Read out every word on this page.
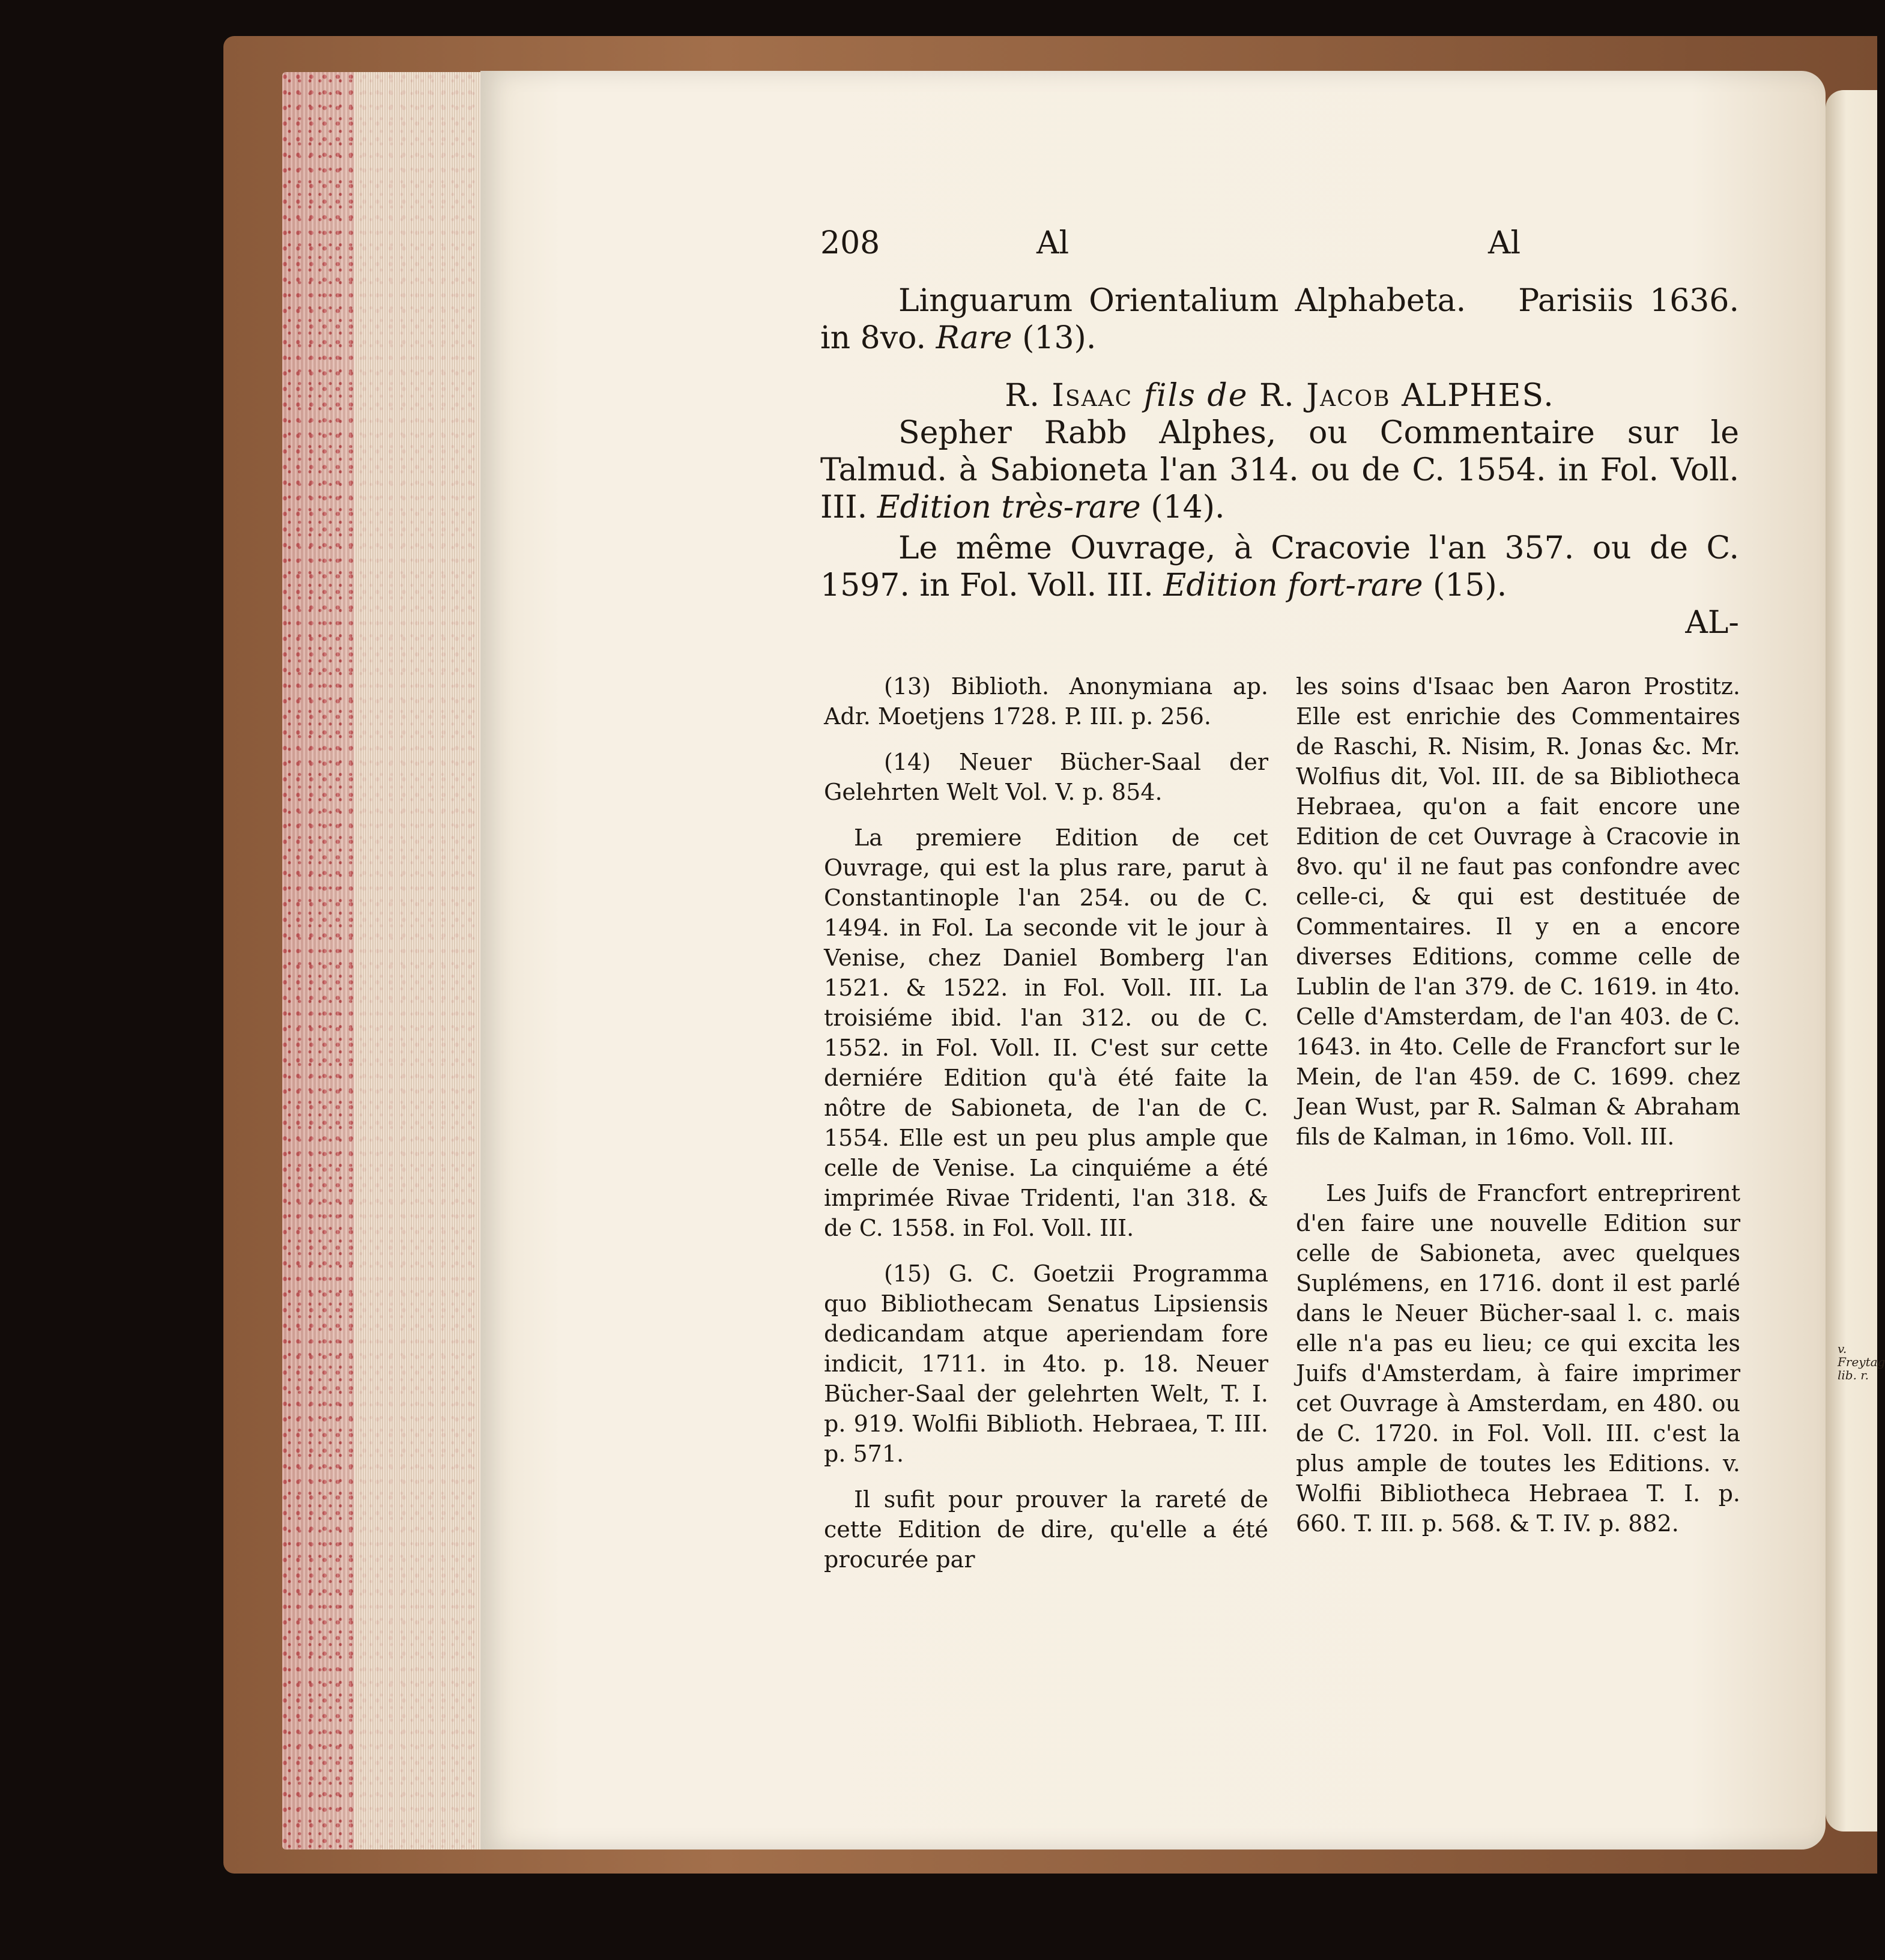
v. Freytag lib. r.
208	Al	Al

Linguarum Orientalium Alphabeta. Parisiis 1636. in 8vo. Rare (13).

R. Isaac fils de R. Jacob ALPHES.

Sepher Rabb Alphes, ou Commentaire sur le Talmud. à Sabioneta l'an 314. ou de C. 1554. in Fol. Voll. III. Edition très-rare (14).

Le même Ouvrage, à Cracovie l'an 357. ou de C. 1597. in Fol. Voll. III. Edition fort-rare (15).

AL-

(13) Biblioth. Anonymiana ap. Adr. Moetjens 1728. P. III. p. 256.

(14) Neuer Bücher-Saal der Gelehrten Welt Vol. V. p. 854.

La premiere Edition de cet Ouvrage, qui est la plus rare, parut à Constantinople l'an 254. ou de C. 1494. in Fol. La seconde vit le jour à Venise, chez Daniel Bomberg l'an 1521. & 1522. in Fol. Voll. III. La troisiéme ibid. l'an 312. ou de C. 1552. in Fol. Voll. II. C'est sur cette derniére Edition qu'à été faite la nôtre de Sabioneta, de l'an de C. 1554. Elle est un peu plus ample que celle de Venise. La cinquiéme a été imprimée Rivae Tridenti, l'an 318. & de C. 1558. in Fol. Voll. III.

(15) G. C. Goetzii Programma quo Bibliothecam Senatus Lipsiensis dedicandam atque aperiendam fore indicit, 1711. in 4to. p. 18. Neuer Bücher-Saal der gelehrten Welt, T. I. p. 919. Wolfii Biblioth. Hebraea, T. III. p. 571.

Il sufit pour prouver la rareté de cette Edition de dire, qu'elle a été procurée par

les soins d'Isaac ben Aaron Prostitz. Elle est enrichie des Commentaires de Raschi, R. Nisim, R. Jonas &c. Mr. Wolfius dit, Vol. III. de sa Bibliotheca Hebraea, qu'on a fait encore une Edition de cet Ouvrage à Cracovie in 8vo. qu' il ne faut pas confondre avec celle-ci, & qui est destituée de Commentaires. Il y en a encore diverses Editions, comme celle de Lublin de l'an 379. de C. 1619. in 4to. Celle d'Amsterdam, de l'an 403. de C. 1643. in 4to. Celle de Francfort sur le Mein, de l'an 459. de C. 1699. chez Jean Wust, par R. Salman & Abraham fils de Kalman, in 16mo. Voll. III.

Les Juifs de Francfort entreprirent d'en faire une nouvelle Edition sur celle de Sabioneta, avec quelques Suplémens, en 1716. dont il est parlé dans le Neuer Bücher-saal l. c. mais elle n'a pas eu lieu; ce qui excita les Juifs d'Amsterdam, à faire imprimer cet Ouvrage à Amsterdam, en 480. ou de C. 1720. in Fol. Voll. III. c'est la plus ample de toutes les Editions. v. Wolfii Bibliotheca Hebraea T. I. p. 660. T. III. p. 568. & T. IV. p. 882.
